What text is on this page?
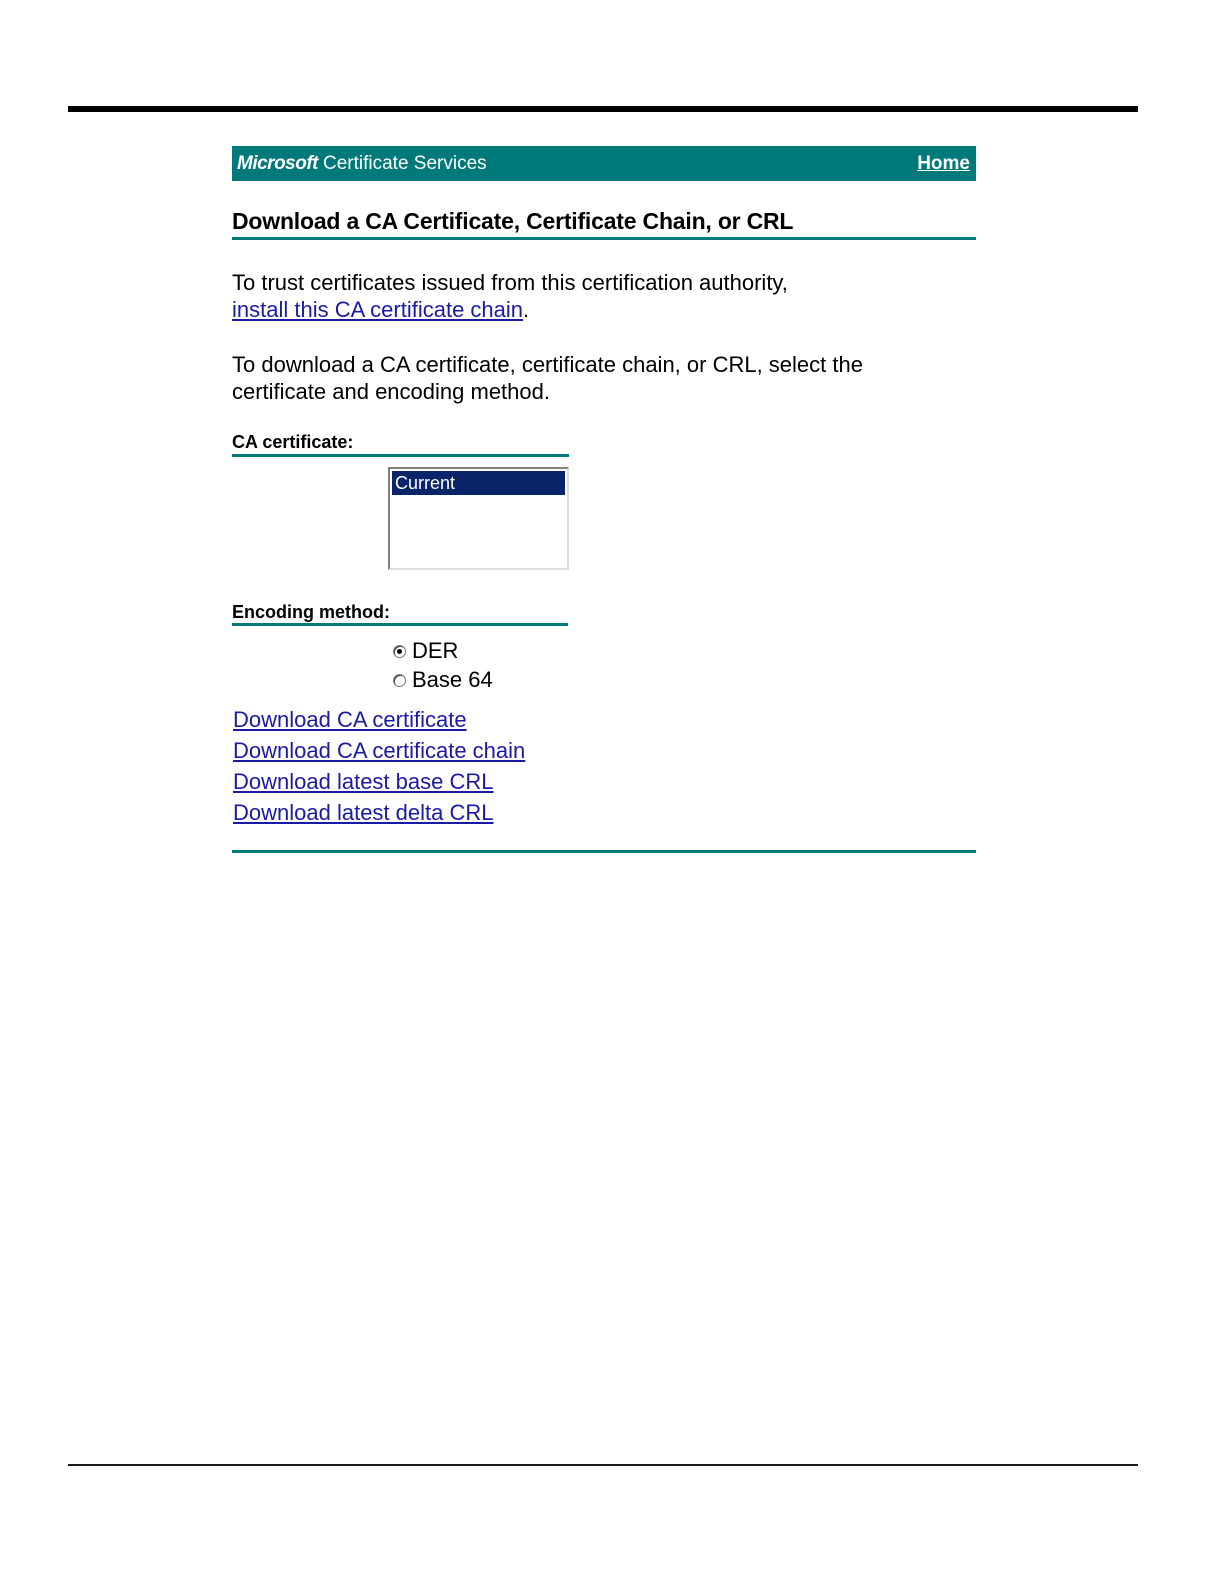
Microsoft Certificate Services	Home
Download a CA Certificate, Certificate Chain, or CRL

To trust certificates issued from this certification authority,
install this CA certificate chain.

To download a CA certificate, certificate chain, or CRL, select the certificate and encoding method.

CA certificate:
Current
Encoding method:
DER
Base 64
Download CA certificate
Download CA certificate chain
Download latest base CRL
Download latest delta CRL
